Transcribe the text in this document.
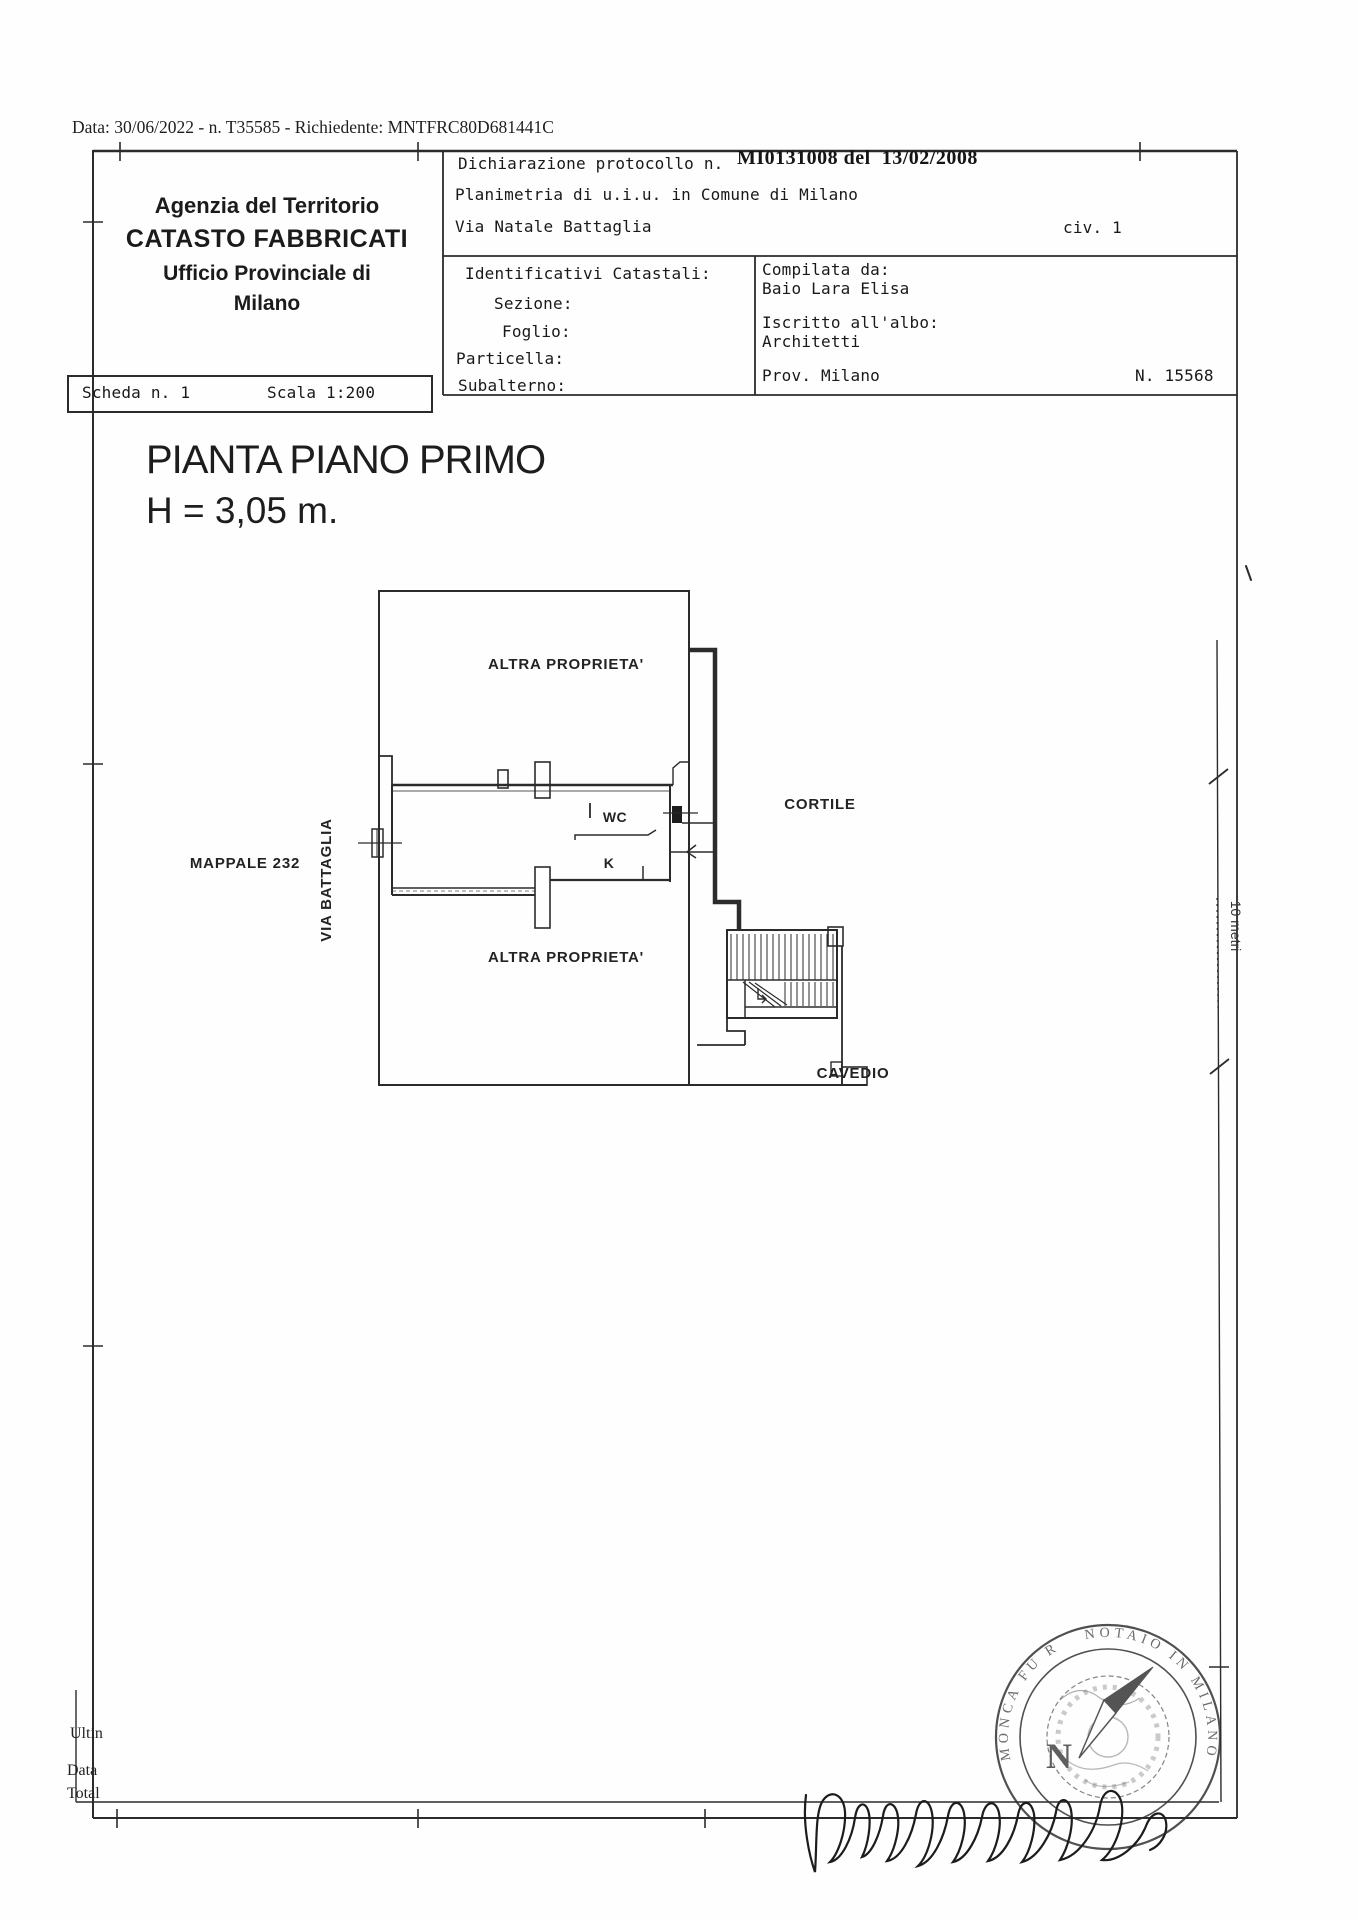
ALTRA PROPRIETA'
ALTRA PROPRIETA'
WC
K
CORTILE
CAVEDIO
MAPPALE 232 VIA BATTAGLIA	10 metri
MONCA FU R
NOTAIO IN MILANO
N
Data: 30/06/2022 - n. T35585 - Richiedente: MNTFRC80D681441C
Agenzia del Territorio
CATASTO FABBRICATI
Ufficio Provinciale di
Milano
Dichiarazione protocollo n. MI0131008 del  13/02/2008
Planimetria di u.i.u. in Comune di Milano
Via Natale Battaglia	civ. 1
Identificativi Catastali:
Sezione:
Foglio:
Particella:
Subalterno:
Compilata da:
Baio Lara Elisa
Iscritto all'albo:
Architetti
Prov. Milano	N. 15568
Scheda n. 1	Scala 1:200
PIANTA PIANO PRIMO
H = 3,05 m.
Ultin
Data
Total
